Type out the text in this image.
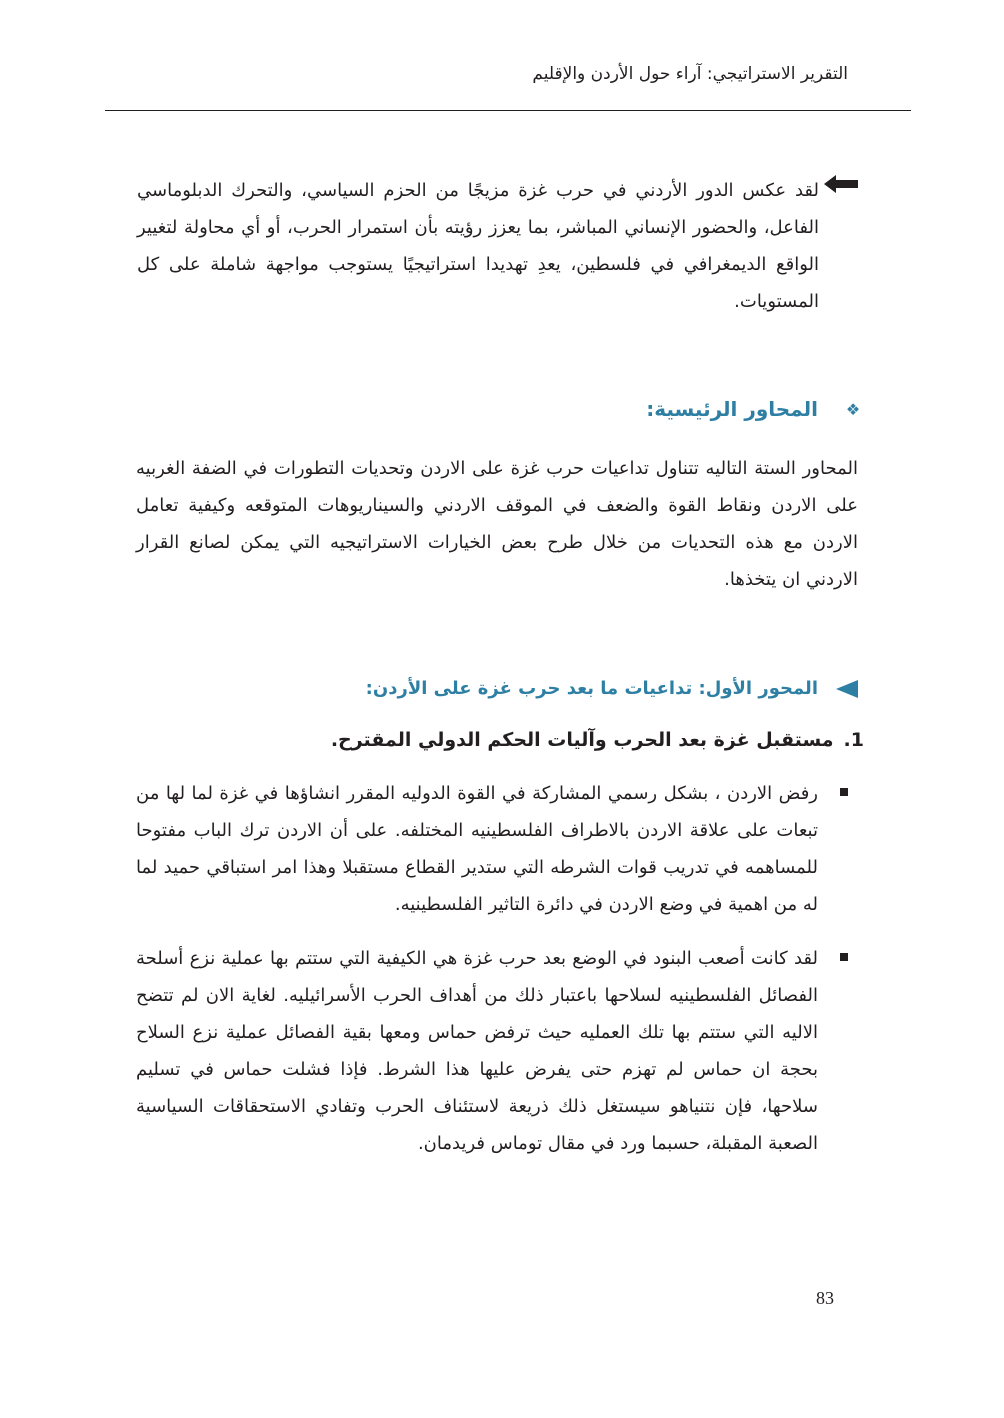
التقرير الاستراتيجي: آراء حول الأردن والإقليم

لقد عكس الدور الأردني في حرب غزة مزيجًا من الحزم السياسي، والتحرك الدبلوماسي الفاعل، والحضور الإنساني المباشر، بما يعزز رؤيته بأن استمرار الحرب، أو أي محاولة لتغيير الواقع الديمغرافي في فلسطين، يعدِ تهديدا استراتيجيًا يستوجب مواجهة شاملة على كل المستويات.

❖
المحاور الرئيسية:

المحاور الستة التاليه تتناول تداعيات حرب غزة على الاردن وتحديات التطورات في الضفة الغربيه على الاردن ونقاط القوة والضعف في الموقف الاردني والسيناريوهات المتوقعه وكيفية تعامل الاردن مع هذه التحديات من خلال طرح بعض الخيارات الاستراتيجيه التي يمكن لصانع القرار الاردني ان يتخذها.

المحور الأول: تداعيات ما بعد حرب غزة على الأردن:
1.
مستقبل غزة بعد الحرب وآليات الحكم الدولي المقترح.

رفض الاردن ، بشكل رسمي المشاركة في القوة الدوليه المقرر انشاؤها في غزة لما لها من تبعات على علاقة الاردن بالاطراف الفلسطينيه المختلفه. على أن الاردن ترك الباب مفتوحا للمساهمه في تدريب قوات الشرطه التي ستدير القطاع مستقبلا وهذا امر استباقي حميد لما له من اهمية في وضع الاردن في دائرة التاثير الفلسطينيه.

لقد كانت أصعب البنود في الوضع بعد حرب غزة هي الكيفية التي ستتم بها عملية نزع أسلحة الفصائل الفلسطينيه لسلاحها باعتبار ذلك من أهداف الحرب الأسرائيليه. لغاية الان لم تتضح الاليه التي ستتم بها تلك العمليه حيث ترفض حماس ومعها بقية الفصائل عملية نزع السلاح بحجة ان حماس لم تهزم حتى يفرض عليها هذا الشرط. فإذا فشلت حماس في تسليم سلاحها، فإن نتنياهو سيستغل ذلك ذريعة لاستئناف الحرب وتفادي الاستحقاقات السياسية الصعبة المقبلة، حسبما ورد في مقال توماس فريدمان.

83
